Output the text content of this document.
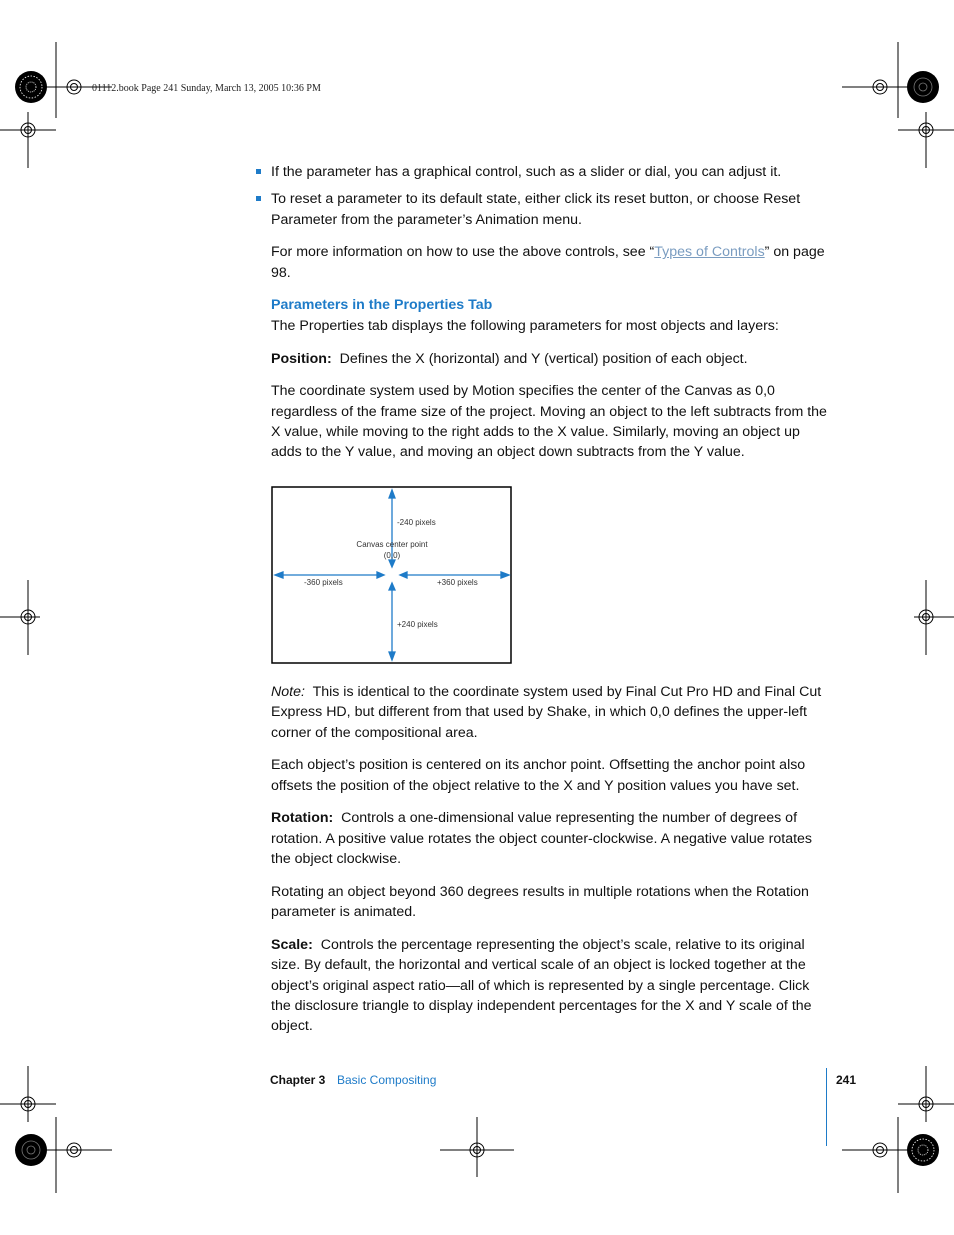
01112.book Page 241 Sunday, March 13, 2005 10:36 PM
If the parameter has a graphical control, such as a slider or dial, you can adjust it.
To reset a parameter to its default state, either click its reset button, or choose Reset Parameter from the parameter’s Animation menu.

For more information on how to use the above controls, see “Types of Controls” on page 98.

Parameters in the Properties Tab

The Properties tab displays the following parameters for most objects and layers:

Position: Defines the X (horizontal) and Y (vertical) position of each object.

The coordinate system used by Motion specifies the center of the Canvas as 0,0 regardless of the frame size of the project. Moving an object to the left subtracts from the X value, while moving to the right adds to the X value. Similarly, moving an object up adds to the Y value, and moving an object down subtracts from the Y value.

-240 pixels
Canvas center point
(0,0)
-360 pixels	+360 pixels
+240 pixels

Note: This is identical to the coordinate system used by Final Cut Pro HD and Final Cut Express HD, but different from that used by Shake, in which 0,0 defines the upper-left corner of the compositional area.

Each object’s position is centered on its anchor point. Offsetting the anchor point also offsets the position of the object relative to the X and Y position values you have set.

Rotation: Controls a one-dimensional value representing the number of degrees of rotation. A positive value rotates the object counter-clockwise. A negative value rotates the object clockwise.

Rotating an object beyond 360 degrees results in multiple rotations when the Rotation parameter is animated.

Scale: Controls the percentage representing the object’s scale, relative to its original size. By default, the horizontal and vertical scale of an object is locked together at the object’s original aspect ratio—all of which is represented by a single percentage. Click the disclosure triangle to display independent percentages for the X and Y scale of the object.

Chapter 3 Basic Compositing	241
